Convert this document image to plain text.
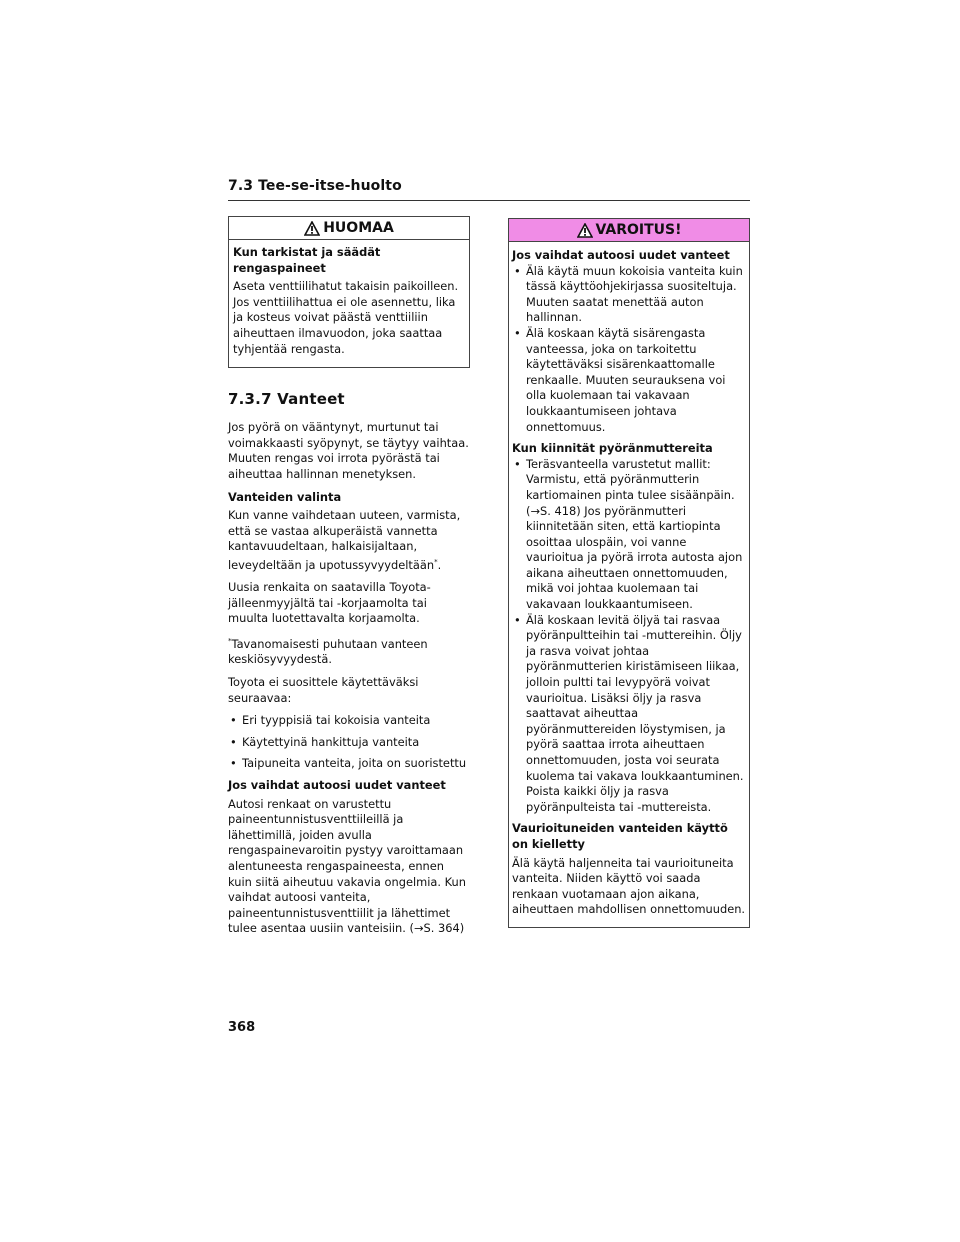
7.3 Tee-se-itse-huolto
HUOMAA
Kun tarkistat ja säädät rengaspaineet
Aseta venttiilihatut takaisin paikoilleen. Jos venttiilihattua ei ole asennettu, lika ja kosteus voivat päästä venttiiliin aiheuttaen ilmavuodon, joka saattaa tyhjentää rengasta.
7.3.7 Vanteet
Jos pyörä on vääntynyt, murtunut tai voimakkaasti syöpynyt, se täytyy vaihtaa. Muuten rengas voi irrota pyörästä tai aiheuttaa hallinnan menetyksen.
Vanteiden valinta
Kun vanne vaihdetaan uuteen, varmista, että se vastaa alkuperäistä vannetta kantavuudeltaan, halkaisijaltaan, leveydeltään ja upotussyvyydeltään*.
Uusia renkaita on saatavilla Toyota-jälleenmyyjältä tai -korjaamolta tai muulta luotettavalta korjaamolta.
*Tavanomaisesti puhutaan vanteen keskiösyvyydestä.
Toyota ei suosittele käytettäväksi seuraavaa:
• Eri tyyppisiä tai kokoisia vanteita
• Käytettyinä hankittuja vanteita
• Taipuneita vanteita, joita on suoristettu
Jos vaihdat autoosi uudet vanteet
Autosi renkaat on varustettu paineentunnistusventtiileillä ja lähettimillä, joiden avulla rengaspainevaroitin pystyy varoittamaan alentuneesta rengaspaineesta, ennen kuin siitä aiheutuu vakavia ongelmia. Kun vaihdat autoosi vanteita, paineentunnistusventtiilit ja lähettimet tulee asentaa uusiin vanteisiin. (→S. 364)
VAROITUS!
Jos vaihdat autoosi uudet vanteet
• Älä käytä muun kokoisia vanteita kuin tässä käyttöohjekirjassa suositeltuja. Muuten saatat menettää auton hallinnan.
• Älä koskaan käytä sisärengasta vanteessa, joka on tarkoitettu käytettäväksi sisärenkaattomalle renkaalle. Muuten seurauksena voi olla kuolemaan tai vakavaan loukkaantumiseen johtava onnettomuus.
Kun kiinnität pyöränmuttereita
• Teräsvanteella varustetut mallit: Varmistu, että pyöränmutterin kartiomainen pinta tulee sisäänpäin. (→S. 418) Jos pyöränmutteri kiinnitetään siten, että kartiopinta osoittaa ulospäin, voi vanne vaurioitua ja pyörä irrota autosta ajon aikana aiheuttaen onnettomuuden, mikä voi johtaa kuolemaan tai vakavaan loukkaantumiseen.
• Älä koskaan levitä öljyä tai rasvaa pyöränpultteihin tai -muttereihin. Öljy ja rasva voivat johtaa pyöränmutterien kiristämiseen liikaa, jolloin pultti tai levypyörä voivat vaurioitua. Lisäksi öljy ja rasva saattavat aiheuttaa pyöränmuttereiden löystymisen, ja pyörä saattaa irrota aiheuttaen onnettomuuden, josta voi seurata kuolema tai vakava loukkaantuminen. Poista kaikki öljy ja rasva pyöränpulteista tai -muttereista.
Vaurioituneiden vanteiden käyttö on kielletty
Älä käytä haljenneita tai vaurioituneita vanteita. Niiden käyttö voi saada renkaan vuotamaan ajon aikana, aiheuttaen mahdollisen onnettomuuden.
368
